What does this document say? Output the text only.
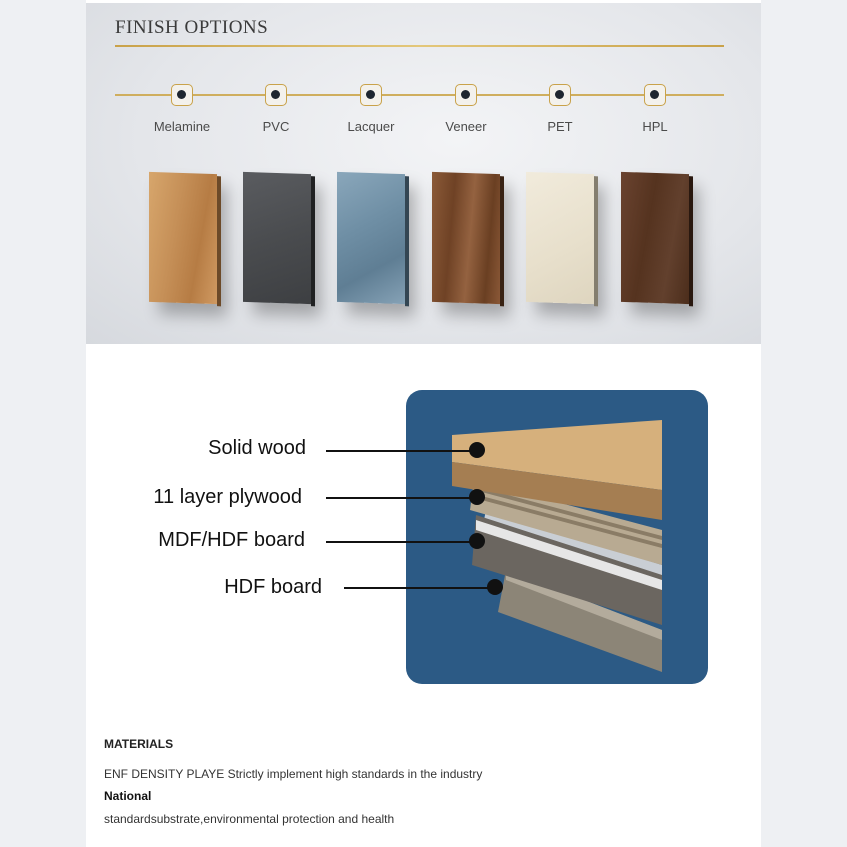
FINISH OPTIONS
Melamine	PVC	Lacquer	Veneer	PET	HPL
Solid wood
11 layer plywood
MDF/HDF board
HDF board
MATERIALS
ENF DENSITY PLAYE Strictly implement high standards in the industry
National
standardsubstrate,environmental protection and health
